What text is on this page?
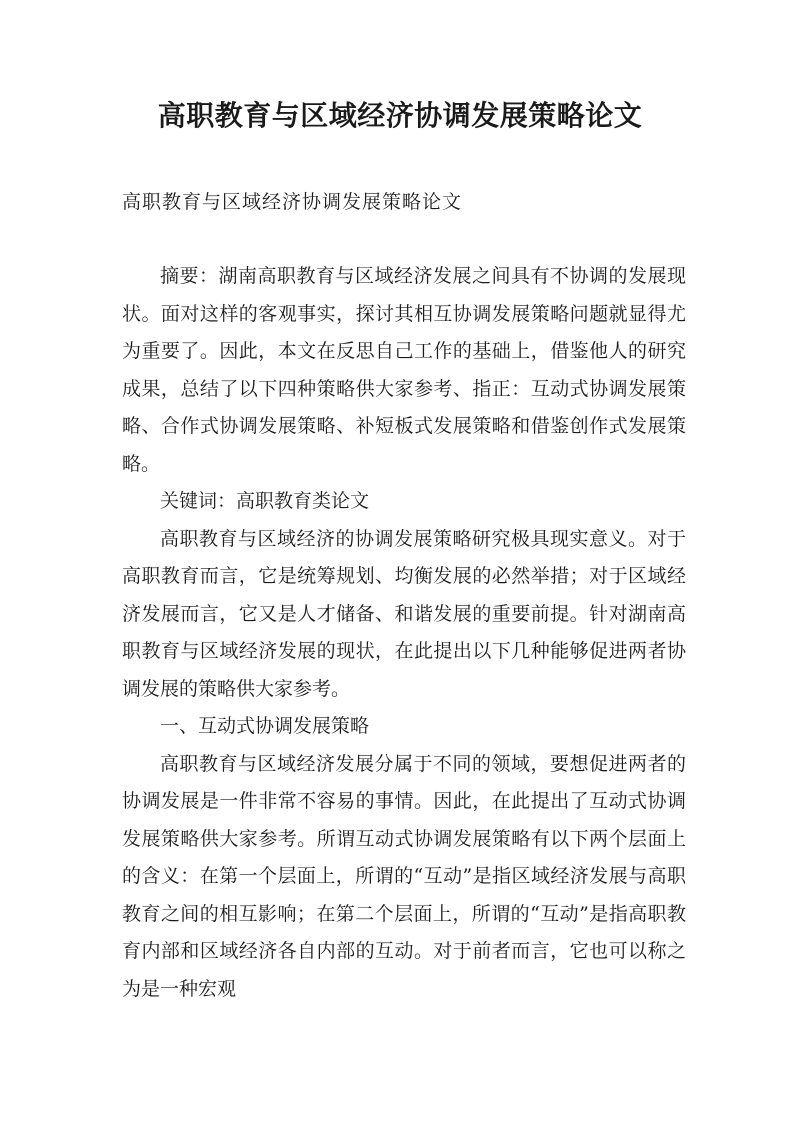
高职教育与区域经济协调发展策略论文

高职教育与区域经济协调发展策略论文

摘要：湖南高职教育与区域经济发展之间具有不协调的发展现状。面对这样的客观事实，探讨其相互协调发展策略问题就显得尤为重要了。因此，本文在反思自己工作的基础上，借鉴他人的研究成果，总结了以下四种策略供大家参考、指正：互动式协调发展策略、合作式协调发展策略、补短板式发展策略和借鉴创作式发展策略。

关键词：高职教育类论文

高职教育与区域经济的协调发展策略研究极具现实意义。对于高职教育而言，它是统筹规划、均衡发展的必然举措；对于区域经济发展而言，它又是人才储备、和谐发展的重要前提。针对湖南高职教育与区域经济发展的现状，在此提出以下几种能够促进两者协调发展的策略供大家参考。

一、互动式协调发展策略

高职教育与区域经济发展分属于不同的领域，要想促进两者的协调发展是一件非常不容易的事情。因此，在此提出了互动式协调发展策略供大家参考。所谓互动式协调发展策略有以下两个层面上的含义：在第一个层面上，所谓的“互动”是指区域经济发展与高职教育之间的相互影响；在第二个层面上，所谓的“互动”是指高职教育内部和区域经济各自内部的互动。对于前者而言，它也可以称之为是一种宏观
